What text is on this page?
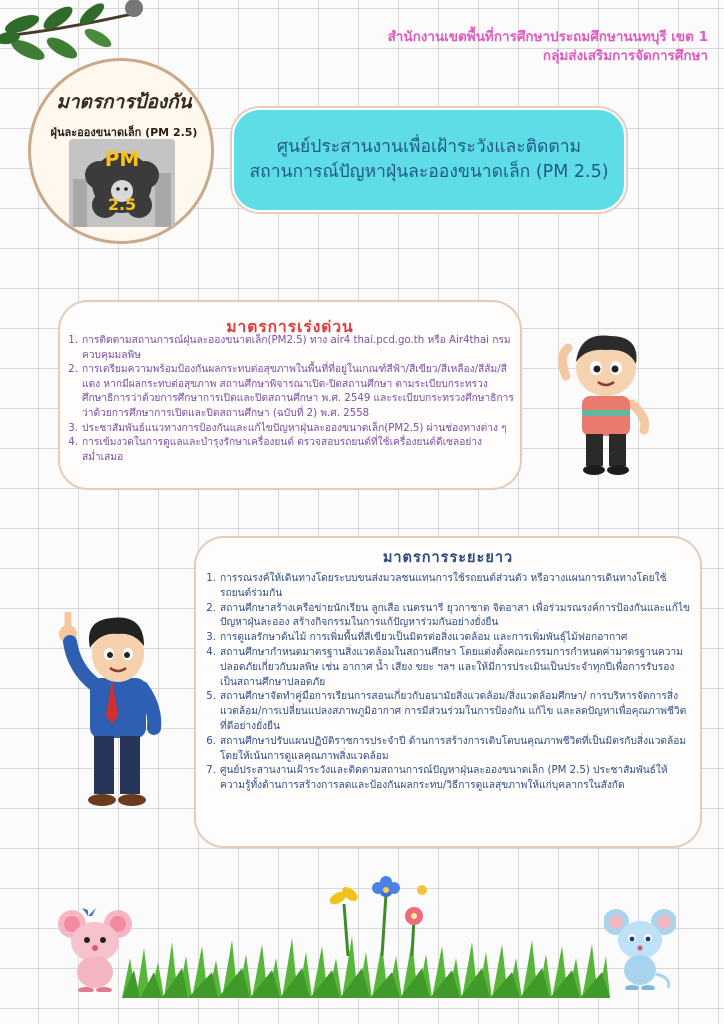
สำนักงานเขตพื้นที่การศึกษาประถมศึกษานนทบุรี เขต 1
กลุ่มส่งเสริมการจัดการศึกษา
มาตรการป้องกัน
ฝุ่นละอองขนาดเล็ก (PM 2.5)
PM
2.5
ศูนย์ประสานงานเพื่อเฝ้าระวังและติดตาม
สถานการณ์ปัญหาฝุ่นละอองขนาดเล็ก (PM 2.5)
มาตรการเร่งด่วน
1. การติดตามสถานการณ์ฝุ่นละอองขนาดเล็ก(PM2.5) ทาง air4 thai.pcd.go.th หรือ Air4thai กรมควบคุมมลพิษ
2. การเตรียมความพร้อมป้องกันผลกระทบต่อสุขภาพในพื้นที่ที่อยู่ในเกณฑ์สีฟ้า/สีเขียว/สีเหลือง/สีส้ม/สีแดง หากมีผลกระทบต่อสุขภาพ สถานศึกษาพิจารณาเปิด-ปิดสถานศึกษา ตามระเบียบกระทรวงศึกษาธิการว่าด้วยการศึกษาการเปิดและปิดสถานศึกษา พ.ศ. 2549 และระเบียบกระทรวงศึกษาธิการว่าด้วยการศึกษาการเปิดและปิดสถานศึกษา (ฉบับที่ 2) พ.ศ. 2558
3. ประชาสัมพันธ์แนวทางการป้องกันและแก้ไขปัญหาฝุ่นละอองขนาดเล็ก(PM2.5) ผ่านช่องทางต่าง ๆ
4. การเข้มงวดในการดูแลและบำรุงรักษาเครื่องยนต์ ตรวจสอบรถยนต์ที่ใช้เครื่องยนต์ดีเซลอย่างสม่ำเสมอ
มาตรการระยะยาว
1. การรณรงค์ให้เดินทางโดยระบบขนส่งมวลชนแทนการใช้รถยนต์ส่วนตัว หรือวางแผนการเดินทางโดยใช้รถยนต์ร่วมกัน
2. สถานศึกษาสร้างเครือข่ายนักเรียน ลูกเสือ เนตรนารี ยุวกาชาด จิตอาสา เพื่อร่วมรณรงค์การป้องกันและแก้ไขปัญหาฝุ่นละออง สร้างกิจกรรมในการแก้ปัญหาร่วมกันอย่างยั่งยืน
3. การดูแลรักษาต้นไม้ การเพิ่มพื้นที่สีเขียวเป็นมิตรต่อสิ่งแวดล้อม และการเพิ่มพันธุ์ไม้ฟอกอากาศ
4. สถานศึกษากำหนดมาตรฐานสิ่งแวดล้อมในสถานศึกษา โดยแต่งตั้งคณะกรรมการกำหนดค่ามาตรฐานความปลอดภัยเกี่ยวกับมลพิษ เช่น อากาศ น้ำ เสียง ขยะ ฯลฯ และให้มีการประเมินเป็นประจำทุกปีเพื่อการรับรองเป็นสถานศึกษาปลอดภัย
5. สถานศึกษาจัดทำคู่มือการเรียนการสอนเกี่ยวกับอนามัยสิ่งแวดล้อม/สิ่งแวดล้อมศึกษา/ การบริหารจัดการสิ่งแวดล้อม/การเปลี่ยนแปลงสภาพภูมิอากาศ การมีส่วนร่วมในการป้องกัน แก้ไข และลดปัญหาเพื่อคุณภาพชีวิตที่ดีอย่างยั่งยืน
6. สถานศึกษาปรับแผนปฏิบัติราชการประจำปี ด้านการสร้างการเติบโตบนคุณภาพชีวิตที่เป็นมิตรกับสิ่งแวดล้อม โดยให้เน้นการดูแลคุณภาพสิ่งแวดล้อม
7. ศูนย์ประสานงานเฝ้าระวังและติดตามสถานการณ์ปัญหาฝุ่นละอองขนาดเล็ก (PM 2.5) ประชาสัมพันธ์ให้ความรู้ทั้งด้านการสร้างการลดและป้องกันผลกระทบ/วิธีการดูแลสุขภาพให้แก่บุคลากรในสังกัด
